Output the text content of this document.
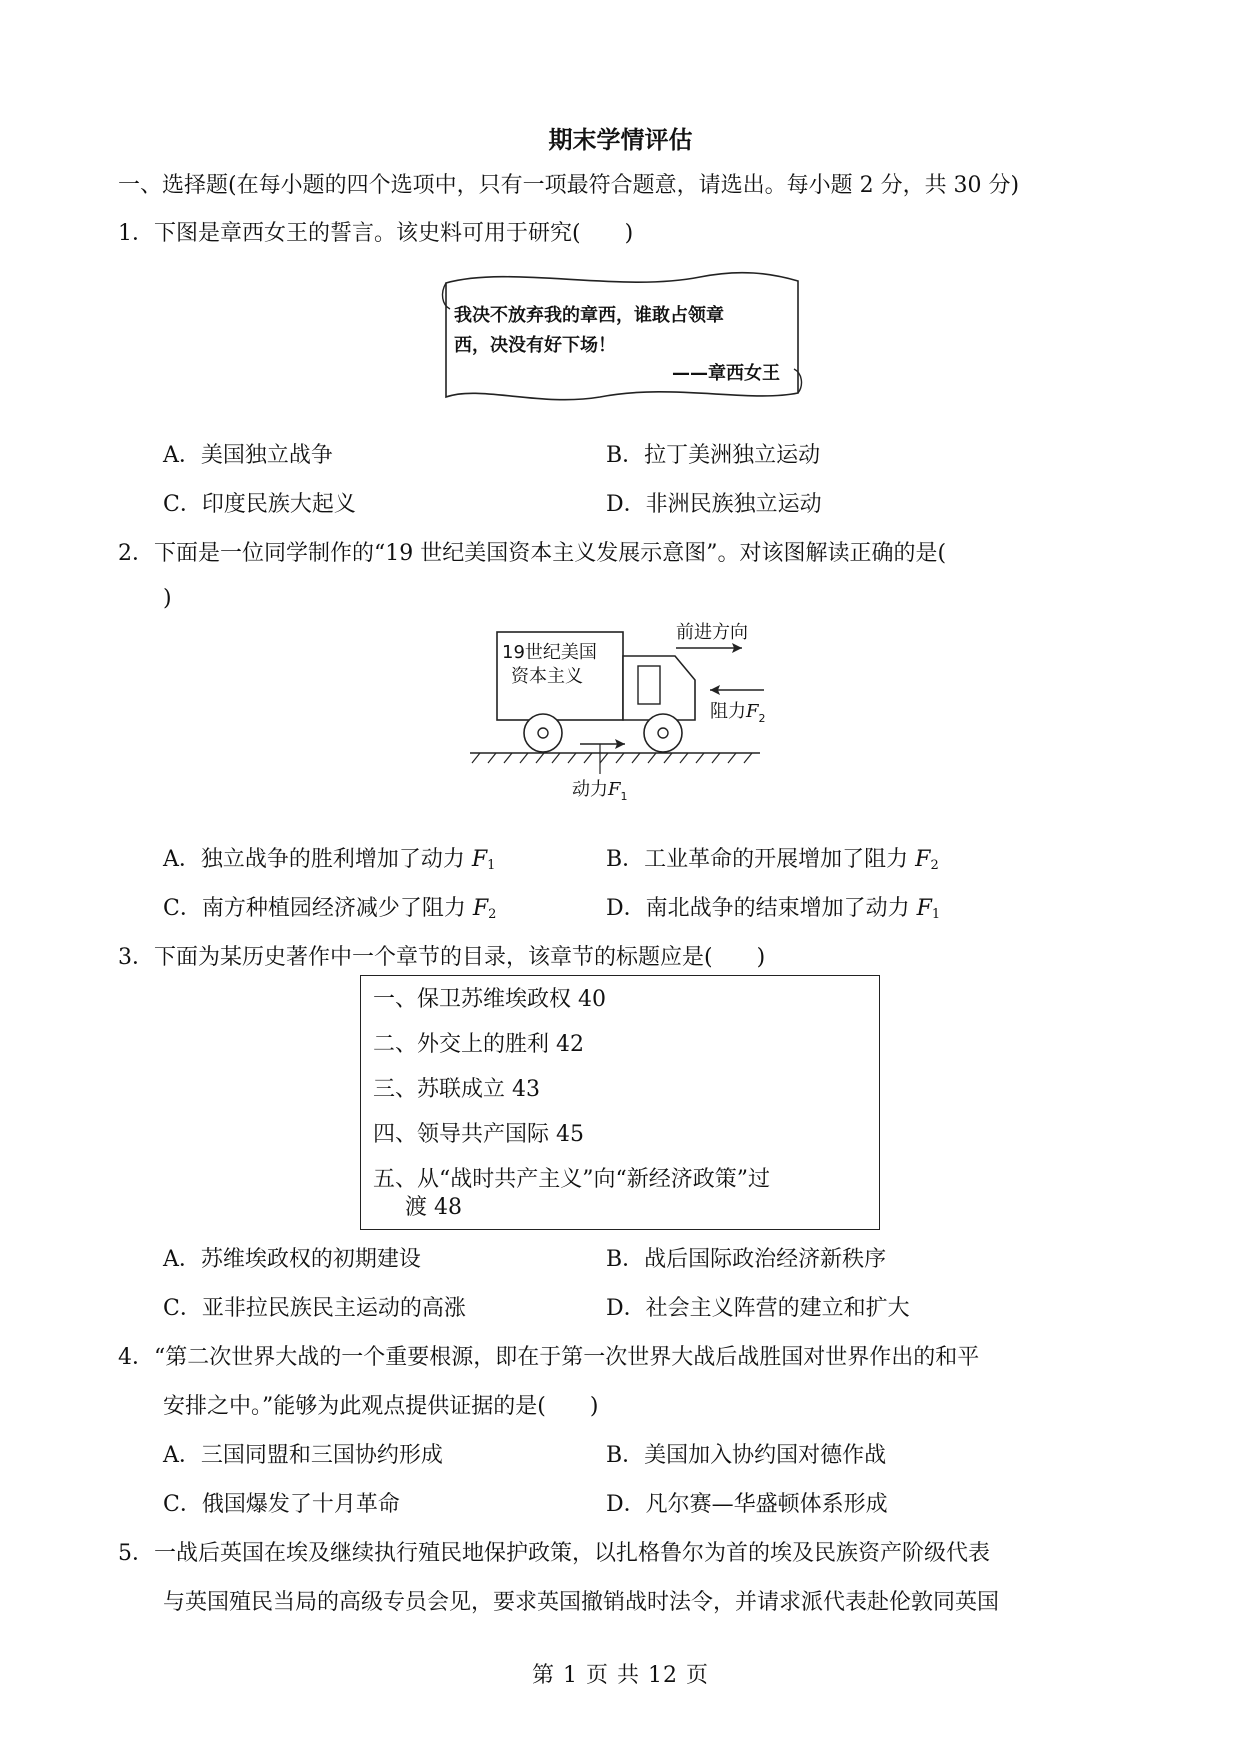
期末学情评估
一、选择题(在每小题的四个选项中，只有一项最符合题意，请选出。每小题 2 分，共 30 分)
1．下图是章西女王的誓言。该史料可用于研究(　　)
我决不放弃我的章西，谁敢占领章
西，决没有好下场！
——章西女王
A．美国独立战争	B．拉丁美洲独立运动
C．印度民族大起义	D．非洲民族独立运动
2．下面是一位同学制作的“19 世纪美国资本主义发展示意图”。对该图解读正确的是(
)
19世纪美国
资本主义
前进方向
阻力$F_2$
动力$F_1$
A．独立战争的胜利增加了动力 $F_1$	B．工业革命的开展增加了阻力 $F_2$
C．南方种植园经济减少了阻力 $F_2$	D．南北战争的结束增加了动力 $F_1$
3．下面为某历史著作中一个章节的目录，该章节的标题应是(　　)
一、保卫苏维埃政权 40
二、外交上的胜利 42
三、苏联成立 43
四、领导共产国际 45
五、从“战时共产主义”向“新经济政策”过
渡 48
A．苏维埃政权的初期建设	B．战后国际政治经济新秩序
C．亚非拉民族民主运动的高涨	D．社会主义阵营的建立和扩大
4．“第二次世界大战的一个重要根源，即在于第一次世界大战后战胜国对世界作出的和平
安排之中。”能够为此观点提供证据的是(　　)
A．三国同盟和三国协约形成	B．美国加入协约国对德作战
C．俄国爆发了十月革命	D．凡尔赛—华盛顿体系形成
5．一战后英国在埃及继续执行殖民地保护政策，以扎格鲁尔为首的埃及民族资产阶级代表
与英国殖民当局的高级专员会见，要求英国撤销战时法令，并请求派代表赴伦敦同英国
第 1 页 共 12 页
